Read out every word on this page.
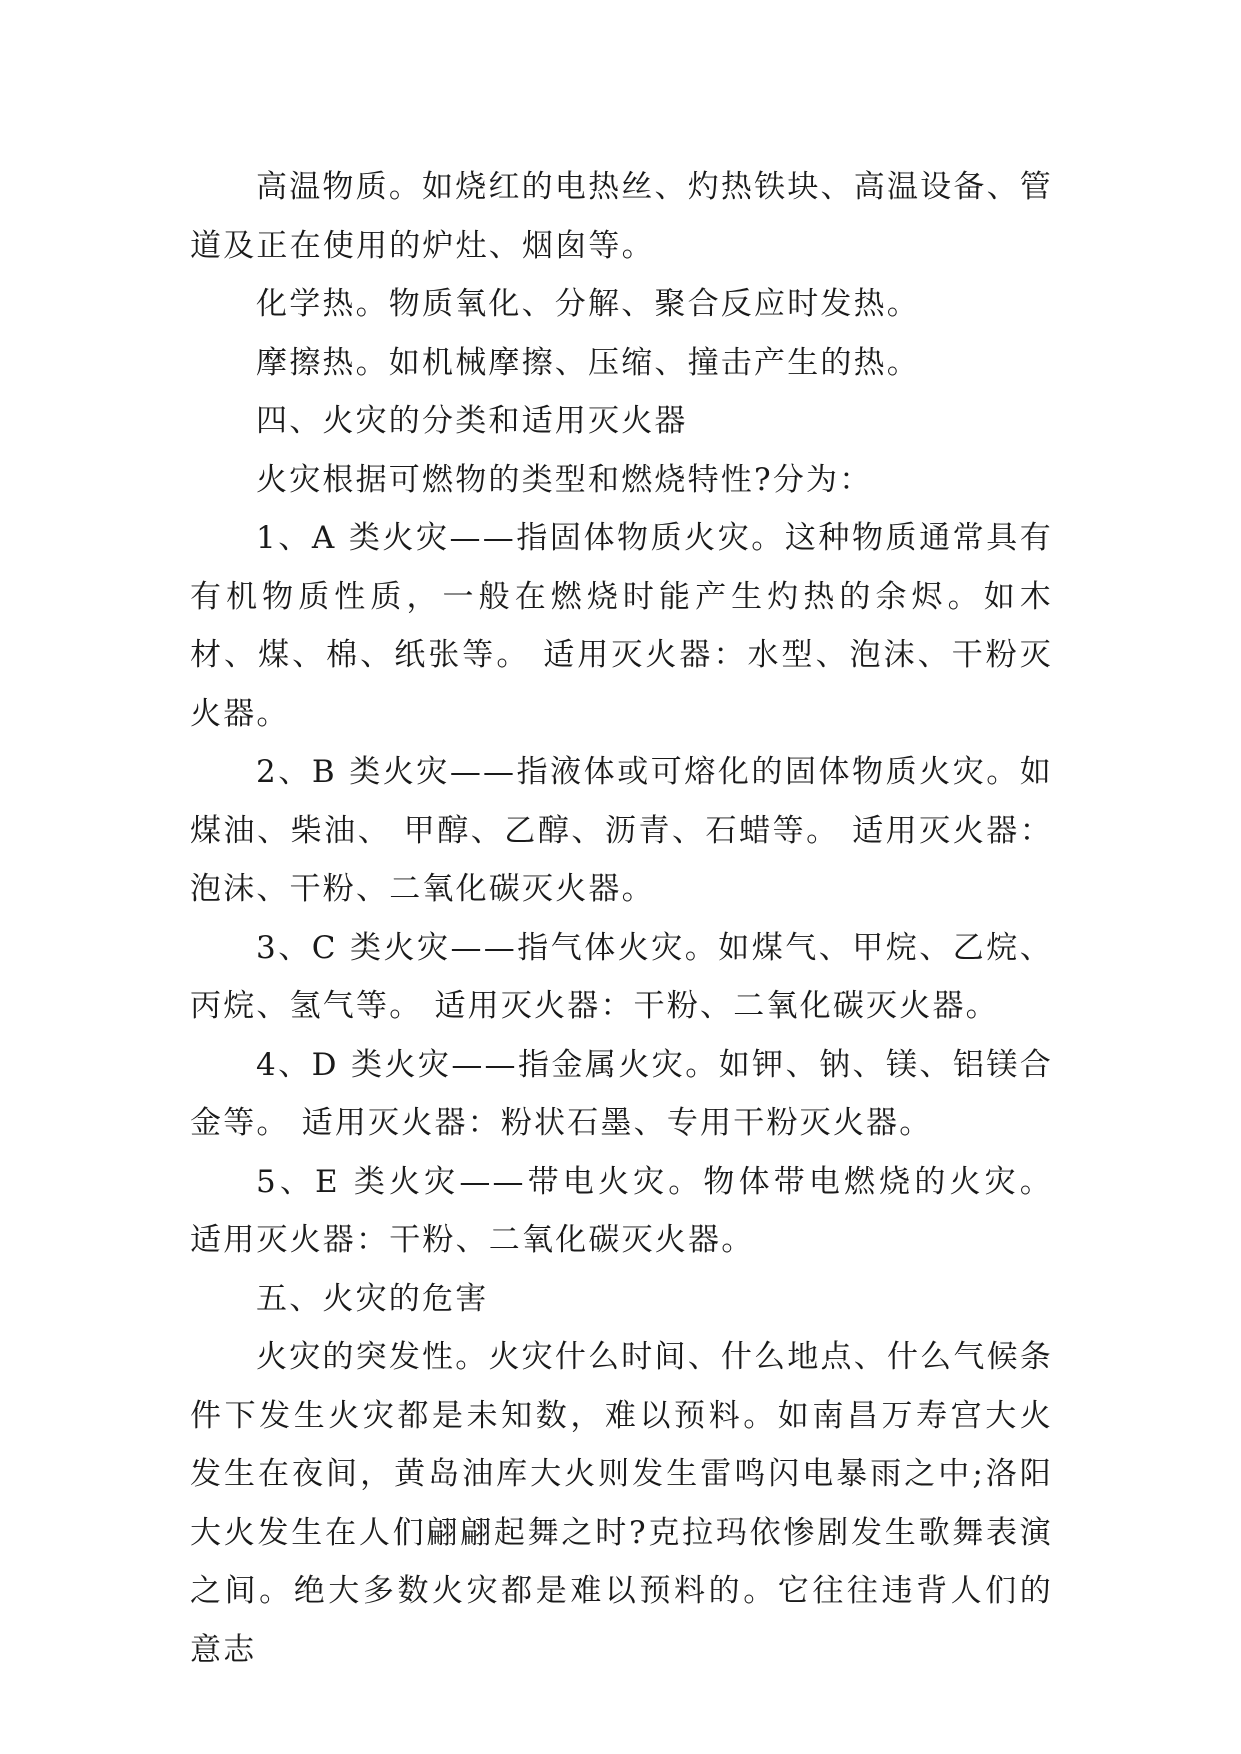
高温物质。如烧红的电热丝、灼热铁块、高温设备、管道及正在使用的炉灶、烟囱等。

化学热。物质氧化、分解、聚合反应时发热。

摩擦热。如机械摩擦、压缩、撞击产生的热。

四、火灾的分类和适用灭火器

火灾根据可燃物的类型和燃烧特性?分为：

1、A 类火灾——指固体物质火灾。这种物质通常具有有机物质性质，一般在燃烧时能产生灼热的余烬。如木材、煤、棉、纸张等。 适用灭火器：水型、泡沫、干粉灭火器。

2、B 类火灾——指液体或可熔化的固体物质火灾。如煤油、柴油、 甲醇、乙醇、沥青、石蜡等。 适用灭火器：泡沫、干粉、二氧化碳灭火器。

3、C 类火灾——指气体火灾。如煤气、甲烷、乙烷、丙烷、氢气等。 适用灭火器：干粉、二氧化碳灭火器。

4、D 类火灾——指金属火灾。如钾、钠、镁、铝镁合金等。 适用灭火器：粉状石墨、专用干粉灭火器。

5、E 类火灾——带电火灾。物体带电燃烧的火灾。 适用灭火器：干粉、二氧化碳灭火器。

五、火灾的危害

火灾的突发性。火灾什么时间、什么地点、什么气候条件下发生火灾都是未知数，难以预料。如南昌万寿宫大火发生在夜间，黄岛油库大火则发生雷鸣闪电暴雨之中;洛阳大火发生在人们翩翩起舞之时?克拉玛依惨剧发生歌舞表演之间。绝大多数火灾都是难以预料的。它往往违背人们的意志
